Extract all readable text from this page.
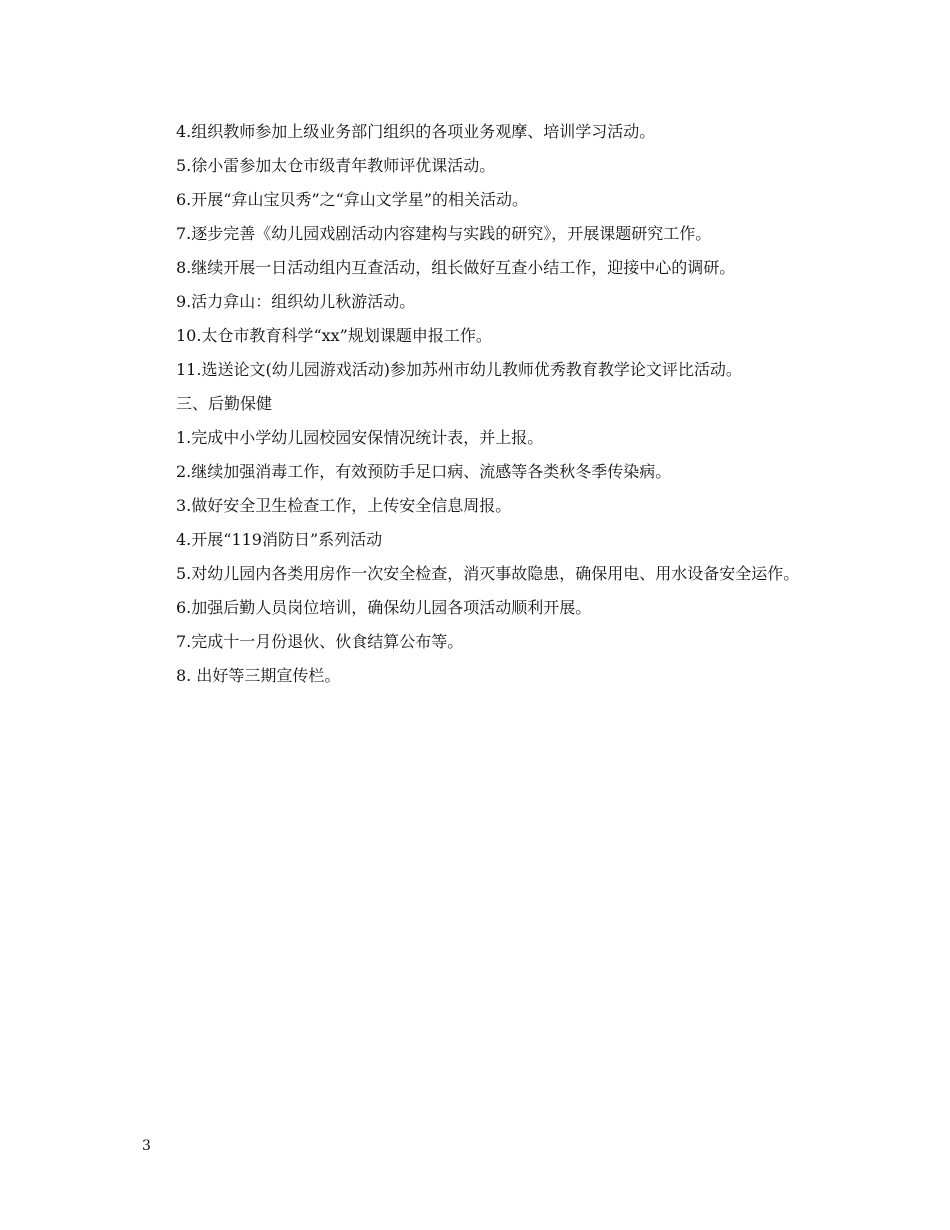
4.组织教师参加上级业务部门组织的各项业务观摩、培训学习活动。

5.徐小雷参加太仓市级青年教师评优课活动。

6.开展“弇山宝贝秀”之“弇山文学星”的相关活动。

7.逐步完善《幼儿园戏剧活动内容建构与实践的研究》，开展课题研究工作。

8.继续开展一日活动组内互查活动，组长做好互查小结工作，迎接中心的调研。

9.活力弇山：组织幼儿秋游活动。

10.太仓市教育科学“xx”规划课题申报工作。

11.选送论文(幼儿园游戏活动)参加苏州市幼儿教师优秀教育教学论文评比活动。

三、后勤保健

1.完成中小学幼儿园校园安保情况统计表，并上报。

2.继续加强消毒工作，有效预防手足口病、流感等各类秋冬季传染病。

3.做好安全卫生检查工作，上传安全信息周报。

4.开展“119消防日”系列活动

5.对幼儿园内各类用房作一次安全检查，消灭事故隐患，确保用电、用水设备安全运作。

6.加强后勤人员岗位培训，确保幼儿园各项活动顺利开展。

7.完成十一月份退伙、伙食结算公布等。

8. 出好等三期宣传栏。

3
